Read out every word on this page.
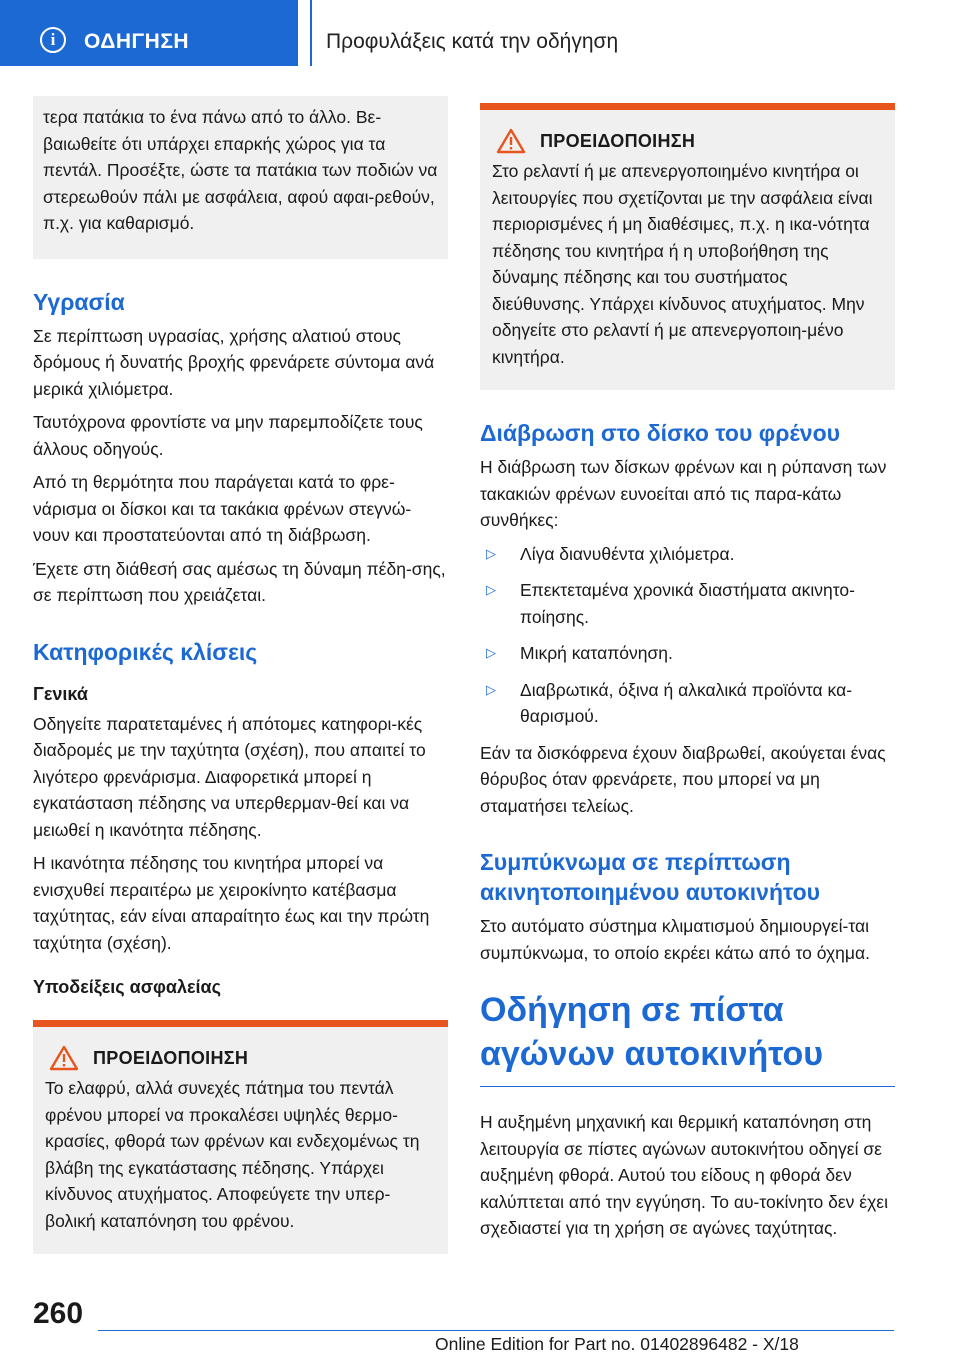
i	ΟΔΗΓΗΣΗ	Προφυλάξεις κατά την οδήγηση

τερα πατάκια το ένα πάνω από το άλλο. Βε-βαιωθείτε ότι υπάρχει επαρκής χώρος για τα πεντάλ. Προσέξτε, ώστε τα πατάκια των ποδιών να στερεωθούν πάλι με ασφάλεια, αφού αφαι-ρεθούν, π.χ. για καθαρισμό.

Υγρασία

Σε περίπτωση υγρασίας, χρήσης αλατιού στους δρόμους ή δυνατής βροχής φρενάρετε σύντομα ανά μερικά χιλιόμετρα.

Ταυτόχρονα φροντίστε να μην παρεμποδίζετε τους άλλους οδηγούς.

Από τη θερμότητα που παράγεται κατά το φρε-νάρισμα οι δίσκοι και τα τακάκια φρένων στεγνώ-νουν και προστατεύονται από τη διάβρωση.

Έχετε στη διάθεσή σας αμέσως τη δύναμη πέδη-σης, σε περίπτωση που χρειάζεται.

Κατηφορικές κλίσεις
Γενικά

Οδηγείτε παρατεταμένες ή απότομες κατηφορι-κές διαδρομές με την ταχύτητα (σχέση), που απαιτεί το λιγότερο φρενάρισμα. Διαφορετικά μπορεί η εγκατάσταση πέδησης να υπερθερμαν-θεί και να μειωθεί η ικανότητα πέδησης.

Η ικανότητα πέδησης του κινητήρα μπορεί να ενισχυθεί περαιτέρω με χειροκίνητο κατέβασμα ταχύτητας, εάν είναι απαραίτητο έως και την πρώτη ταχύτητα (σχέση).

Υποδείξεις ασφαλείας
ΠΡΟΕΙΔΟΠΟΙΗΣΗ

Το ελαφρύ, αλλά συνεχές πάτημα του πεντάλ φρένου μπορεί να προκαλέσει υψηλές θερμο-κρασίες, φθορά των φρένων και ενδεχομένως τη βλάβη της εγκατάστασης πέδησης. Υπάρχει κίνδυνος ατυχήματος. Αποφεύγετε την υπερ-βολική καταπόνηση του φρένου.

ΠΡΟΕΙΔΟΠΟΙΗΣΗ

Στο ρελαντί ή με απενεργοποιημένο κινητήρα οι λειτουργίες που σχετίζονται με την ασφάλεια είναι περιορισμένες ή μη διαθέσιμες, π.χ. η ικα-νότητα πέδησης του κινητήρα ή η υποβοήθηση της δύναμης πέδησης και του συστήματος διεύθυνσης. Υπάρχει κίνδυνος ατυχήματος. Μην οδηγείτε στο ρελαντί ή με απενεργοποιη-μένο κινητήρα.

Διάβρωση στο δίσκο του φρένου

Η διάβρωση των δίσκων φρένων και η ρύπανση των τακακιών φρένων ευνοείται από τις παρα-κάτω συνθήκες:

▷	Λίγα διανυθέντα χιλιόμετρα.
▷	Επεκτεταμένα χρονικά διαστήματα ακινητο-ποίησης.
▷	Μικρή καταπόνηση.
▷	Διαβρωτικά, όξινα ή αλκαλικά προϊόντα κα-θαρισμού.

Εάν τα δισκόφρενα έχουν διαβρωθεί, ακούγεται ένας θόρυβος όταν φρενάρετε, που μπορεί να μη σταματήσει τελείως.

Συμπύκνωμα σε περίπτωση ακινητοποιημένου αυτοκινήτου

Στο αυτόματο σύστημα κλιματισμού δημιουργεί-ται συμπύκνωμα, το οποίο εκρέει κάτω από το όχημα.

Οδήγηση σε πίστα αγώνων αυτοκινήτου

Η αυξημένη μηχανική και θερμική καταπόνηση στη λειτουργία σε πίστες αγώνων αυτοκινήτου οδηγεί σε αυξημένη φθορά. Αυτού του είδους η φθορά δεν καλύπτεται από την εγγύηση. Το αυ-τοκίνητο δεν έχει σχεδιαστεί για τη χρήση σε αγώνες ταχύτητας.

260
Online Edition for Part no. 01402896482 - X/18
